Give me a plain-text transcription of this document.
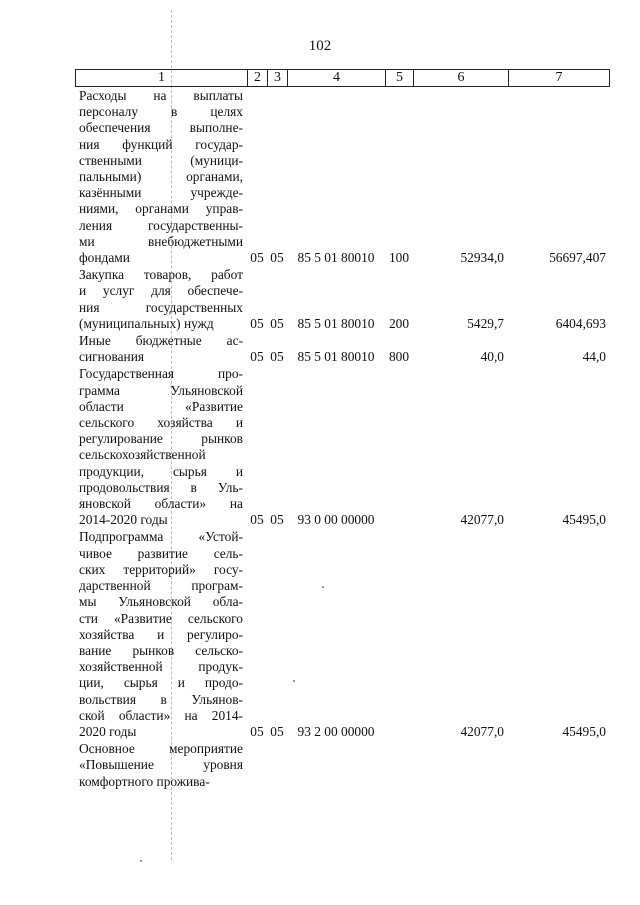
102
1	2 3	4	5	6	7
Расходы на выплаты
персоналу в целях
обеспечения выполне-
ния функций государ-
ственными (муници-
пальными) органами,
казёнными учрежде-
ниями, органами управ-
ления государственны-
ми внебюджетными
фондами	05 05	85 5 01 80010	100	52934,0	56697,407
Закупка товаров, работ
и услуг для обеспече-
ния государственных
(муниципальных) нужд	05 05	85 5 01 80010	200	5429,7	6404,693
Иные бюджетные ас-
сигнования	05 05	85 5 01 80010	800	40,0	44,0
Государственная про-
грамма Ульяновской
области «Развитие
сельского хозяйства и
регулирование рынков
сельскохозяйственной
продукции, сырья и
продовольствия в Уль-
яновской области» на
2014-2020 годы	05 05	93 0 00 00000	42077,0	45495,0
Подпрограмма «Устой-
чивое развитие сель-
ских территорий» госу-
дарственной програм-
мы Ульяновской обла-
сти «Развитие сельского
хозяйства и регулиро-
вание рынков сельско-
хозяйственной продук-
ции, сырья и продо-
вольствия в Ульянов-
ской области» на 2014-
2020 годы	05 05	93 2 00 00000	42077,0	45495,0
Основное мероприятие
«Повышение уровня
комфортного прожива-
